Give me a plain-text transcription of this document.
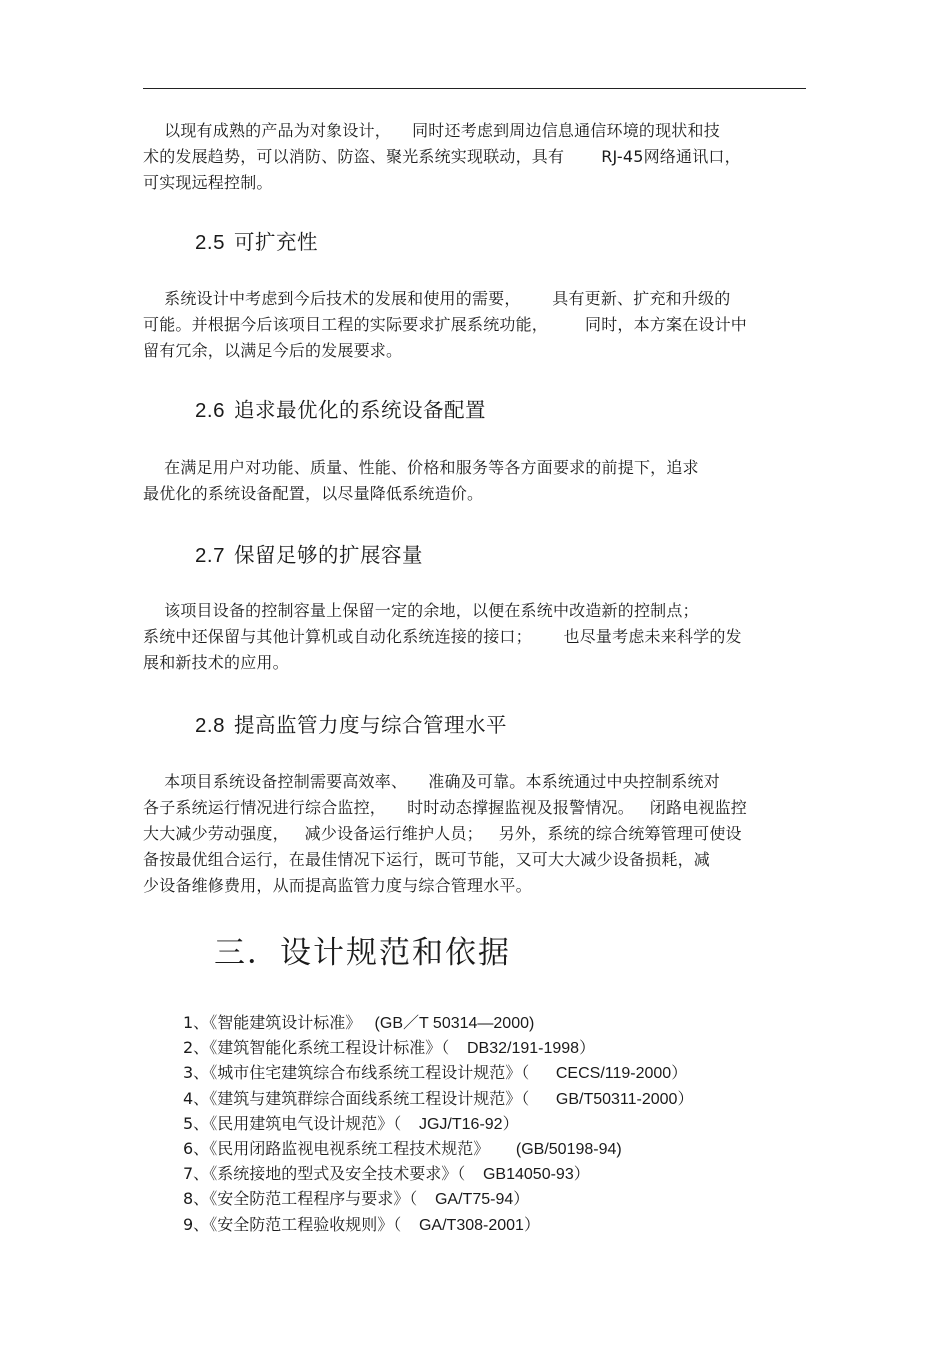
以现有成熟的产品为对象设计，    同时还考虑到周边信息通信环境的现状和技
术的发展趋势，可以消防、防盗、聚光系统实现联动，具有       RJ-45网络通讯口，
可实现远程控制。
2.5 可扩充性
系统设计中考虑到今后技术的发展和使用的需要，      具有更新、扩充和升级的
可能。并根据今后该项目工程的实际要求扩展系统功能，       同时，本方案在设计中
留有冗余，以满足今后的发展要求。
2.6 追求最优化的系统设备配置
在满足用户对功能、质量、性能、价格和服务等各方面要求的前提下，追求
最优化的系统设备配置，以尽量降低系统造价。
2.7 保留足够的扩展容量
该项目设备的控制容量上保留一定的余地，以便在系统中改造新的控制点；
系统中还保留与其他计算机或自动化系统连接的接口；      也尽量考虑未来科学的发
展和新技术的应用。
2.8 提高监管力度与综合管理水平
本项目系统设备控制需要高效率、    准确及可靠。本系统通过中央控制系统对
各子系统运行情况进行综合监控，    时时动态撑握监视及报警情况。   闭路电视监控
大大减少劳动强度，   减少设备运行维护人员；   另外，系统的综合统筹管理可使设
备按最优组合运行，在最佳情况下运行，既可节能，又可大大减少设备损耗，减
少设备维修费用，从而提高监管力度与综合管理水平。
三．设计规范和依据
1、《智能建筑设计标准》   (GB／T 50314—2000)
2、《建筑智能化系统工程设计标准》（    DB32/191-1998）
3、《城市住宅建筑综合布线系统工程设计规范》（      CECS/119-2000）
4、《建筑与建筑群综合面线系统工程设计规范》（      GB/T50311-2000）
5、《民用建筑电气设计规范》（    JGJ/T16-92）
6、《民用闭路监视电视系统工程技术规范》      (GB/50198-94)
7、《系统接地的型式及安全技术要求》（    GB14050-93）
8、《安全防范工程程序与要求》（    GA/T75-94）
9、《安全防范工程验收规则》（    GA/T308-2001）
